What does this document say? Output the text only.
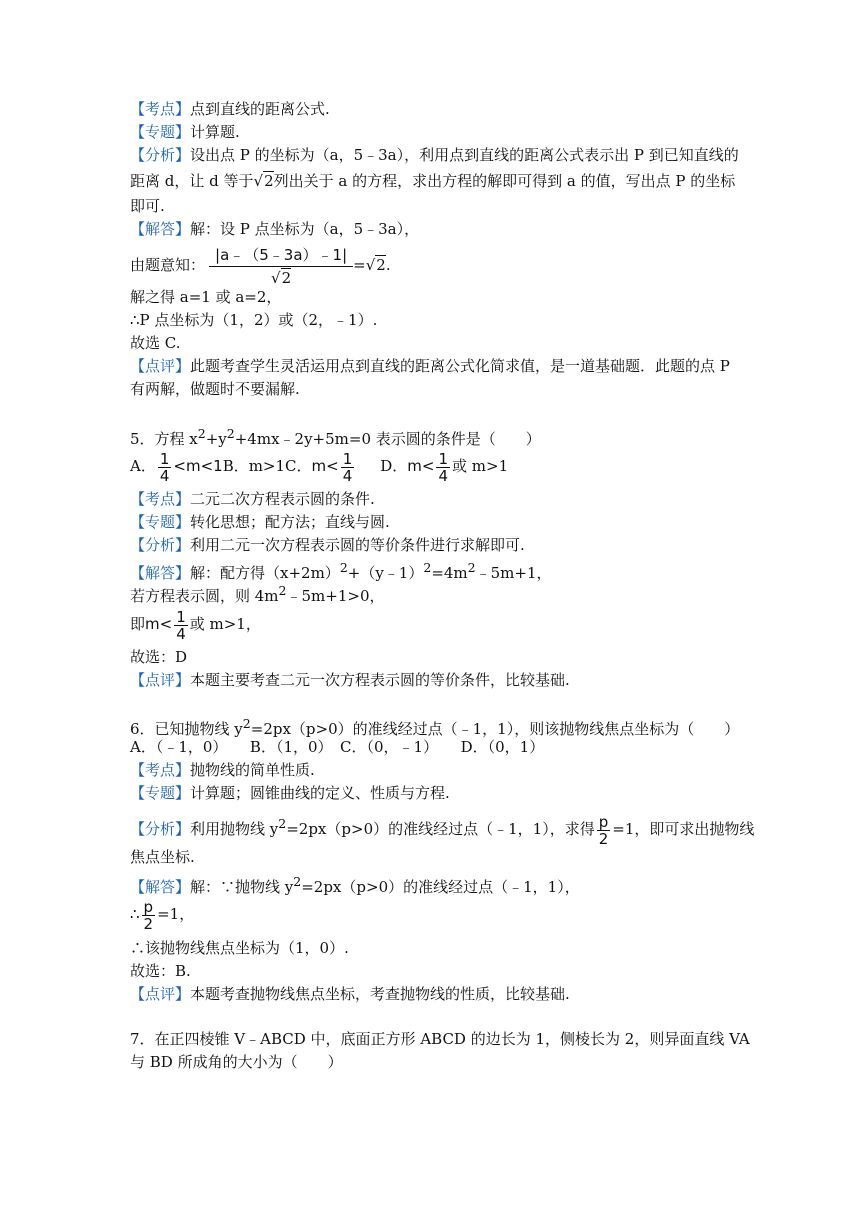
【考点】点到直线的距离公式.
【专题】计算题.
【分析】设出点 P 的坐标为（a，5﹣3a），利用点到直线的距离公式表示出 P 到已知直线的
距离 d，让 d 等于√2列出关于 a 的方程，求出方程的解即可得到 a 的值，写出点 P 的坐标
即可.
【解答】解：设 P 点坐标为（a，5﹣3a），
由题意知： $\frac{|a﹣(5﹣3a)﹣1|}{√2} =√2$.
解之得 a=1 或 a=2，
∴P 点坐标为（1，2）或（2，﹣1）.
故选 C.
【点评】此题考查学生灵活运用点到直线的距离公式化简求值，是一道基础题．此题的点 P
有两解，做题时不要漏解.
5．方程 $x^2+y^2+4mx﹣2y+5m=0$ 表示圆的条件是（　　）
A． $\frac{1}{4} <m<1B$．m>1C．$m< \frac{1}{4}$ D．$m< \frac{1}{4}$ 或 m>1
【考点】二元二次方程表示圆的条件.
【专题】转化思想；配方法；直线与圆.
【分析】利用二元一次方程表示圆的等价条件进行求解即可.
【解答】解：配方得$(x+2m)^2+(y﹣1)^2=4m^2﹣5m+1$，
若方程表示圆，则 $4m^2﹣5m+1>0$，
即$m< \frac{1}{4}$ 或 m>1，
故选：D
【点评】本题主要考查二元一次方程表示圆的等价条件，比较基础.
6．已知抛物线 $y^2=2px(p>0)$的准线经过点（﹣1，1），则该抛物线焦点坐标为（　　）
A．（﹣1，0）　　B．（1，0）　C．（0，﹣1）　　D．（0，1）
【考点】抛物线的简单性质.
【专题】计算题；圆锥曲线的定义、性质与方程.
【分析】利用抛物线 $y^2=2px(p>0)$的准线经过点（﹣1，1），求得 $\frac{p}{2} =1$，即可求出抛物线
焦点坐标.
【解答】解：∵抛物线 $y^2=2px(p>0)$的准线经过点（﹣1，1），
∴ $\frac{p}{2} =1$，
∴该抛物线焦点坐标为（1，0）.
故选：B.
【点评】本题考查抛物线焦点坐标，考查抛物线的性质，比较基础.
7．在正四棱锥 V﹣ABCD 中，底面正方形 ABCD 的边长为 1，侧棱长为 2，则异面直线 VA
与 BD 所成角的大小为（　　）
